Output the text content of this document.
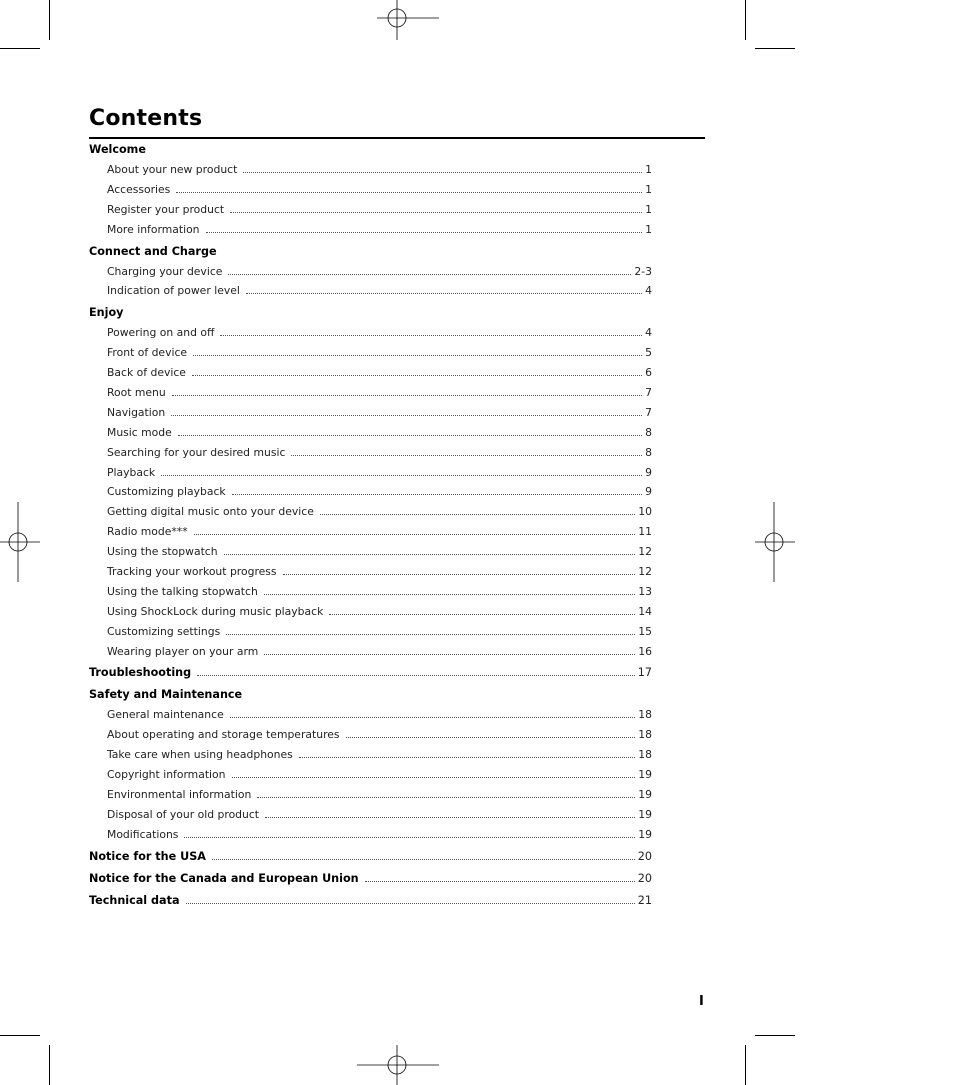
Contents
Welcome
About your new product	1
Accessories	1
Register your product	1
More information	1
Connect and Charge
Charging your device	2-3
Indication of power level	4
Enjoy
Powering on and off	4
Front of device	5
Back of device	6
Root menu	7
Navigation	7
Music mode	8
Searching for your desired music	8
Playback	9
Customizing playback	9
Getting digital music onto your device	10
Radio mode***	11
Using the stopwatch	12
Tracking your workout progress	12
Using the talking stopwatch	13
Using ShockLock during music playback	14
Customizing settings	15
Wearing player on your arm	16
Troubleshooting	17
Safety and Maintenance
General maintenance	18
About operating and storage temperatures	18
Take care when using headphones	18
Copyright information	19
Environmental information	19
Disposal of your old product	19
Modifications	19
Notice for the USA	20
Notice for the Canada and European Union	20
Technical data	21
I
